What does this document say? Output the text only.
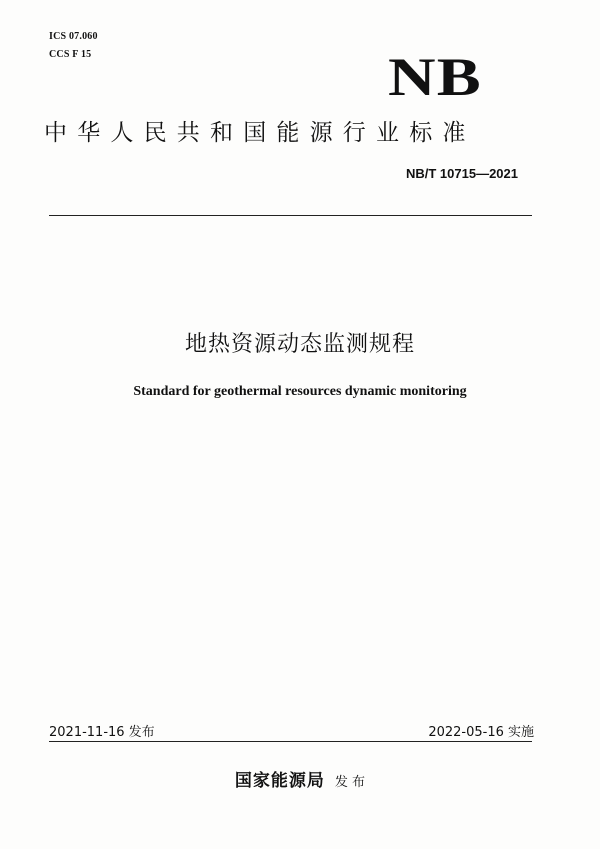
ICS 07.060
CCS F 15	NB
中华人民共和国能源行业标准
NB/T 10715—2021
地热资源动态监测规程
Standard for geothermal resources dynamic monitoring
2021-11-16 发布	2022-05-16 实施
国家能源局 发 布
